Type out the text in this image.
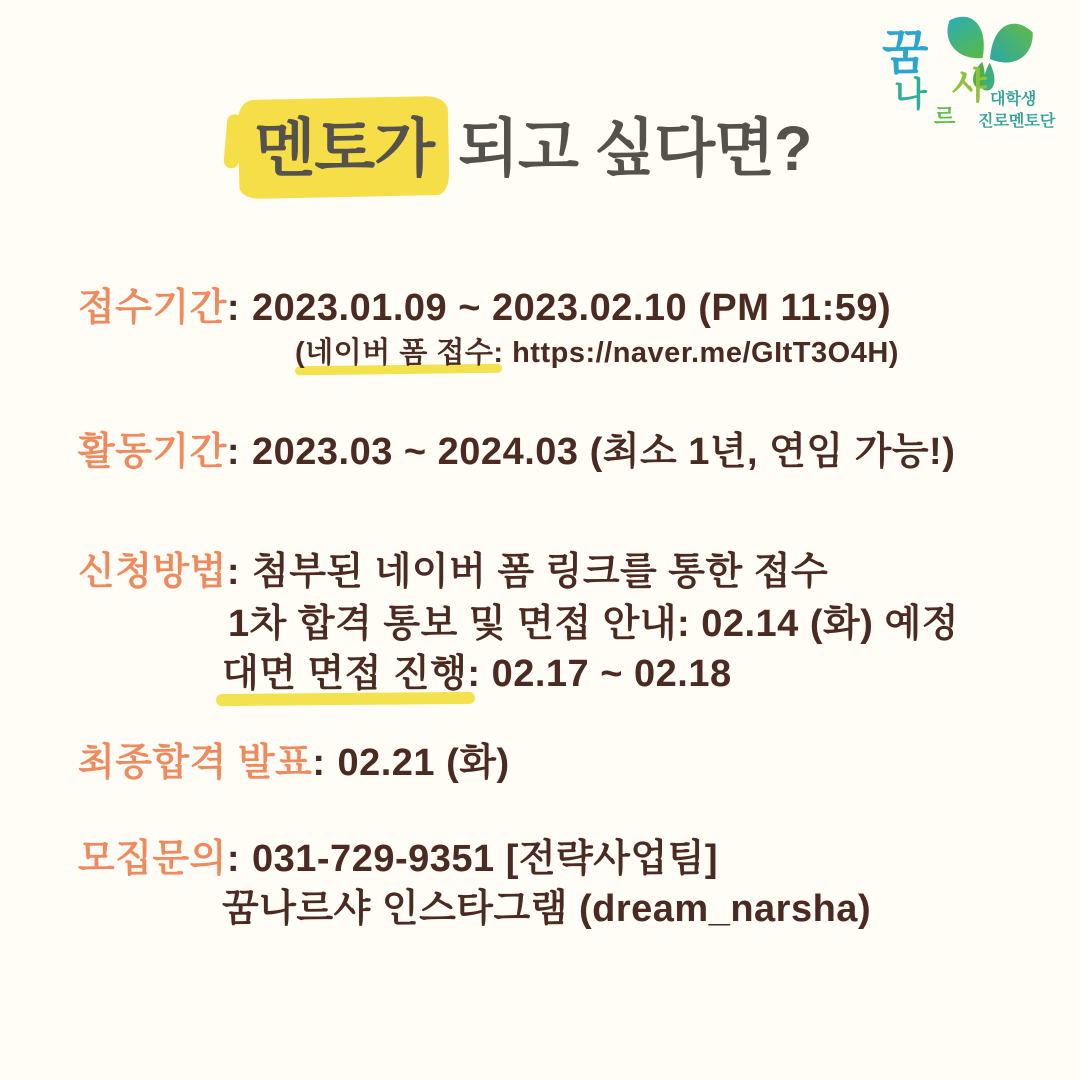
꿈
나
르
샤 대학생
진로멘토단
멘토가 되고 싶다면?
접수기간: 2023.01.09 ~ 2023.02.10 (PM 11:59)
(네이버 폼 접수: https://naver.me/GItT3O4H)
활동기간: 2023.03 ~ 2024.03 (최소 1년, 연임 가능!)
신청방법: 첨부된 네이버 폼 링크를 통한 접수
1차 합격 통보 및 면접 안내: 02.14 (화) 예정
대면 면접 진행: 02.17 ~ 02.18
최종합격 발표: 02.21 (화)
모집문의: 031-729-9351 [전략사업팀]
꿈나르샤 인스타그램 (dream_narsha)
